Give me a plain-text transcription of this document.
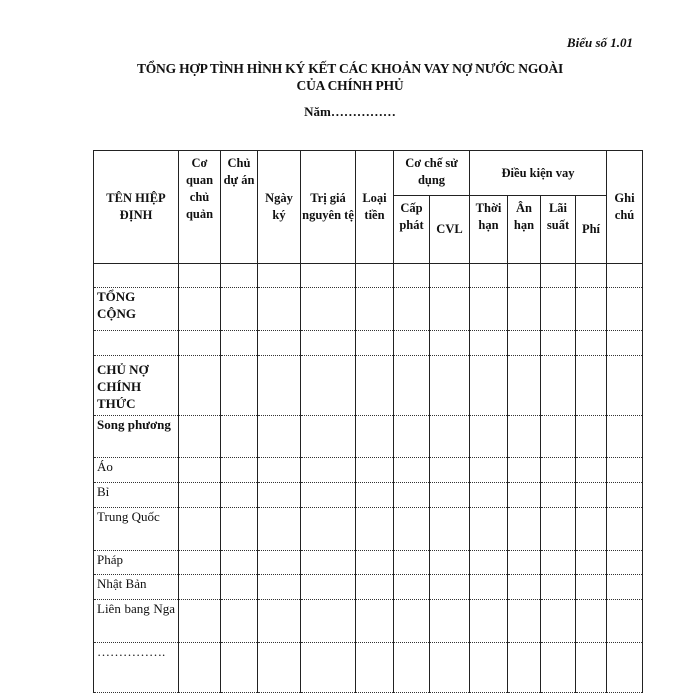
Biểu số 1.01
TỔNG HỢP TÌNH HÌNH KÝ KẾT CÁC KHOẢN VAY NỢ NƯỚC NGOÀI
CỦA CHÍNH PHỦ
Năm……………
TÊN HIỆP ĐỊNH	Cơ quan chủ quản	Chủ dự án	Ngày ký	Trị giá nguyên tệ	Loại tiền	Cơ chế sử dụng		Điều kiện vay				Ghi chú
						Cấp phát	CVL	Thời hạn	Ân hạn	Lãi suất	Phí	

TỔNG CỘNG												

CHỦ NỢ CHÍNH THỨC												
Song phương												
Áo												
Bỉ												
Trung Quốc												
Pháp												
Nhật Bản												
Liên bang Nga												
…………….												
